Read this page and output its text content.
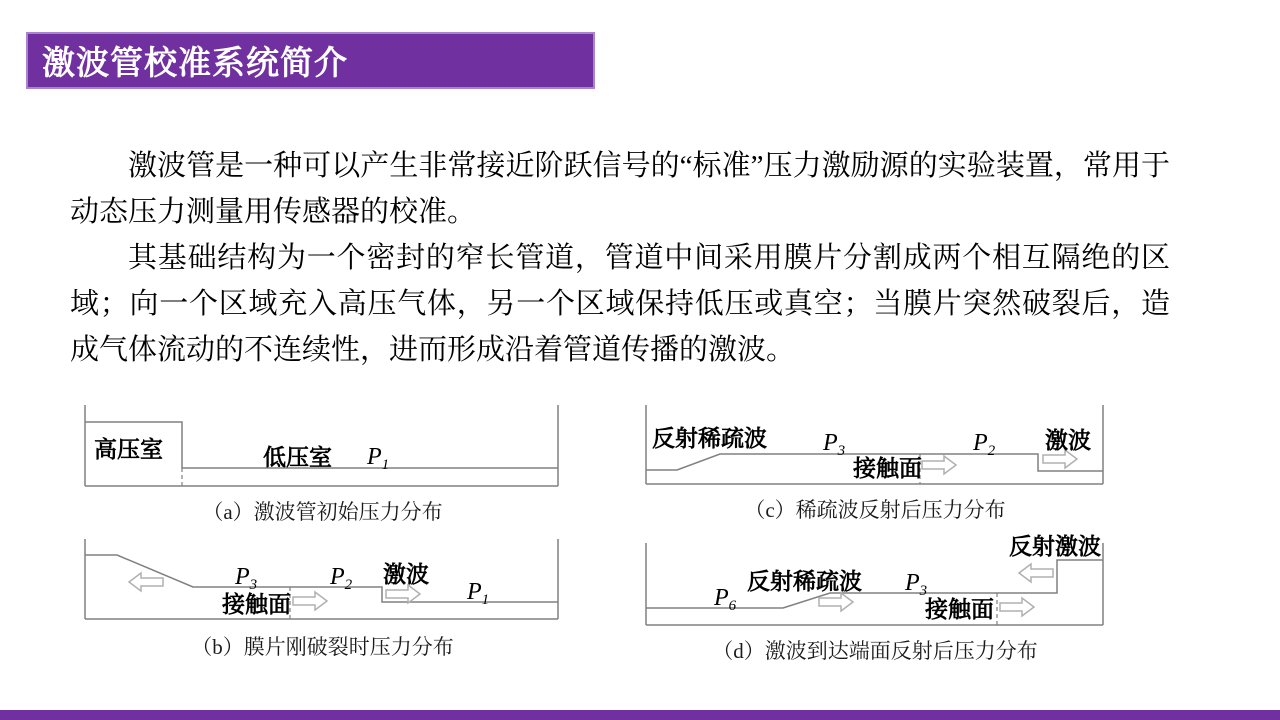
激波管校准系统简介

激波管是一种可以产生非常接近阶跃信号的“标准”压力激励源的实验装置，常用于动态压力测量用传感器的校准。

其基础结构为一个密封的窄长管道，管道中间采用膜片分割成两个相互隔绝的区域；向一个区域充入高压气体，另一个区域保持低压或真空；当膜片突然破裂后，造成气体流动的不连续性，进而形成沿着管道传播的激波。

高压室	低压室 $P_1$
（a）激波管初始压力分布
反射稀疏波 $P_3$	$P_2$ 激波
接触面
（c）稀疏波反射后压力分布
$P_3$	$P_2$ 激波
$P_1$
接触面
（b）膜片刚破裂时压力分布
反射激波
反射稀疏波
$P_6$
$P_3$
接触面
（d）激波到达端面反射后压力分布
